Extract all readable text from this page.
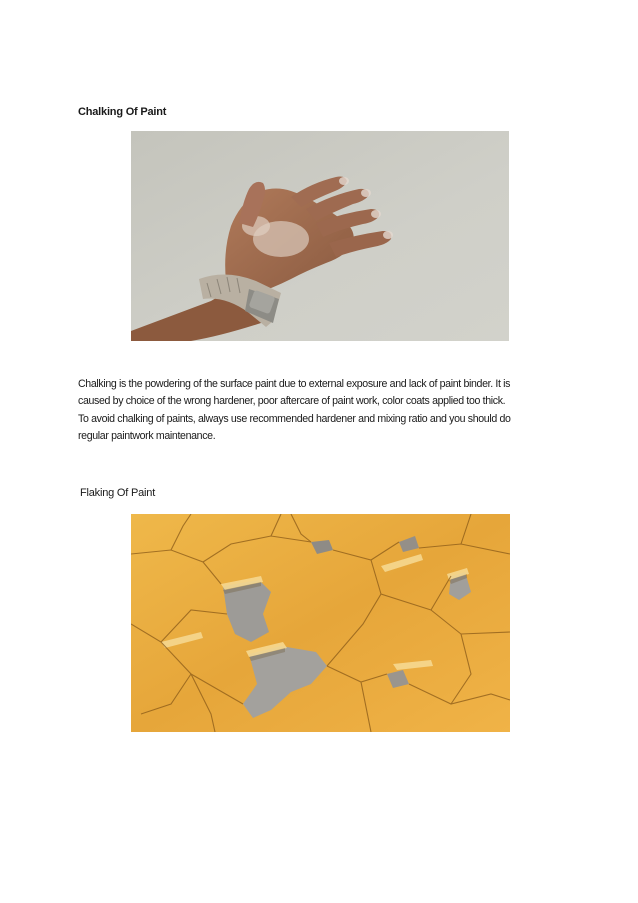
Chalking Of Paint
Chalking is the powdering of the surface paint due to external exposure and lack of paint binder. It is
caused by choice of the wrong hardener, poor aftercare of paint work, color coats applied too thick.
To avoid chalking of paints, always use recommended hardener and mixing ratio and you should do
regular paintwork maintenance.
Flaking Of Paint
